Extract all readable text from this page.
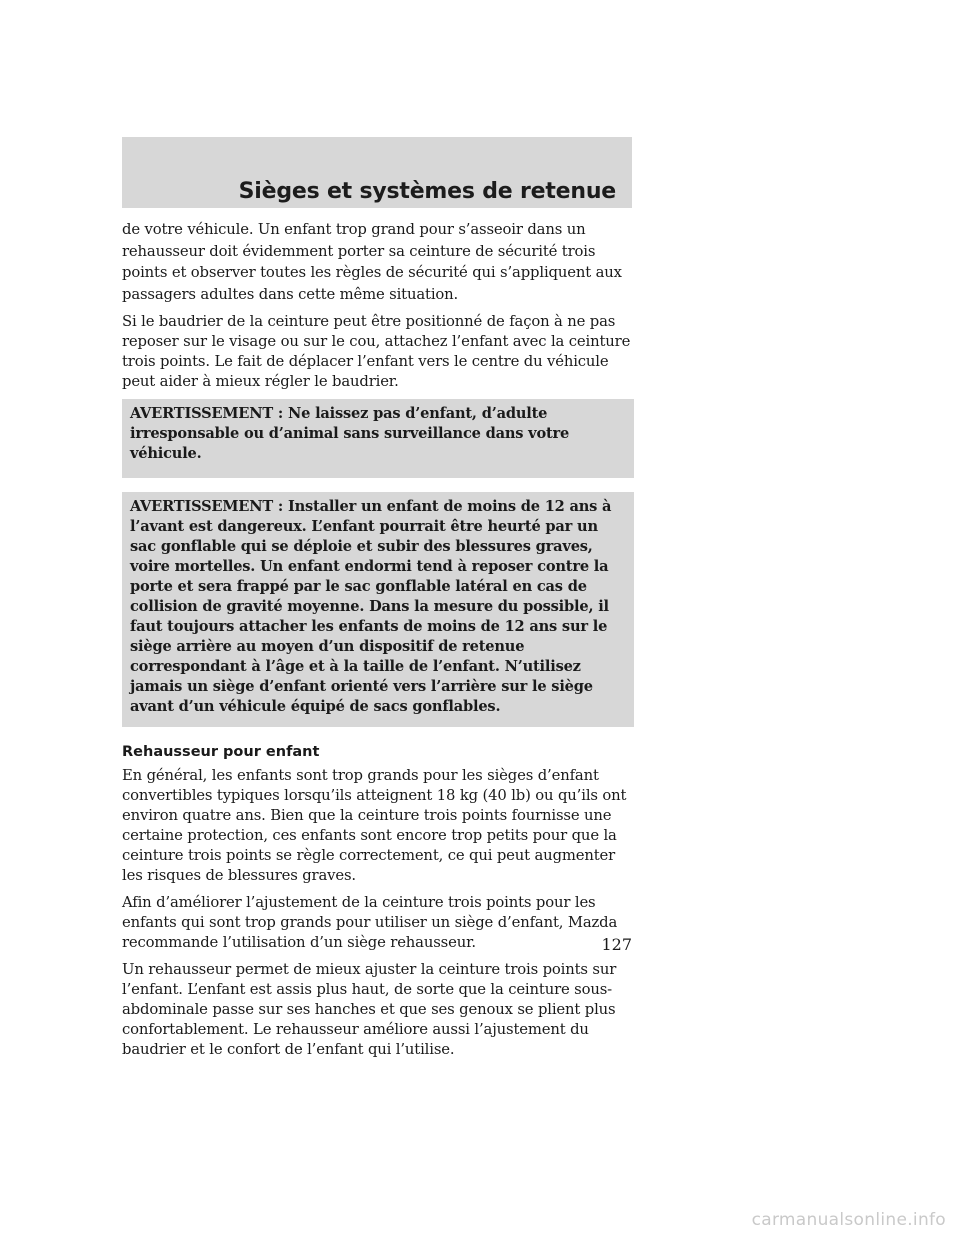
Sièges et systèmes de retenue

de votre véhicule. Un enfant trop grand pour s’asseoir dans un rehausseur doit évidemment porter sa ceinture de sécurité trois points et observer toutes les règles de sécurité qui s’appliquent aux passagers adultes dans cette même situation.

Si le baudrier de la ceinture peut être positionné de façon à ne pas reposer sur le visage ou sur le cou, attachez l’enfant avec la ceinture trois points. Le fait de déplacer l’enfant vers le centre du véhicule peut aider à mieux régler le baudrier.

AVERTISSEMENT : Ne laissez pas d’enfant, d’adulte irresponsable ou d’animal sans surveillance dans votre véhicule.
AVERTISSEMENT : Installer un enfant de moins de 12 ans à l’avant est dangereux. L’enfant pourrait être heurté par un sac gonflable qui se déploie et subir des blessures graves, voire mortelles. Un enfant endormi tend à reposer contre la porte et sera frappé par le sac gonflable latéral en cas de collision de gravité moyenne. Dans la mesure du possible, il faut toujours attacher les enfants de moins de 12 ans sur le siège arrière au moyen d’un dispositif de retenue correspondant à l’âge et à la taille de l’enfant. N’utilisez jamais un siège d’enfant orienté vers l’arrière sur le siège avant d’un véhicule équipé de sacs gonflables.
Rehausseur pour enfant

En général, les enfants sont trop grands pour les sièges d’enfant convertibles typiques lorsqu’ils atteignent 18 kg (40 lb) ou qu’ils ont environ quatre ans. Bien que la ceinture trois points fournisse une certaine protection, ces enfants sont encore trop petits pour que la ceinture trois points se règle correctement, ce qui peut augmenter les risques de blessures graves.

Afin d’améliorer l’ajustement de la ceinture trois points pour les enfants qui sont trop grands pour utiliser un siège d’enfant, Mazda recommande l’utilisation d’un siège rehausseur.

Un rehausseur permet de mieux ajuster la ceinture trois points sur l’enfant. L’enfant est assis plus haut, de sorte que la ceinture sous-abdominale passe sur ses hanches et que ses genoux se plient plus confortablement. Le rehausseur améliore aussi l’ajustement du baudrier et le confort de l’enfant qui l’utilise.

127
carmanualsonline.info
